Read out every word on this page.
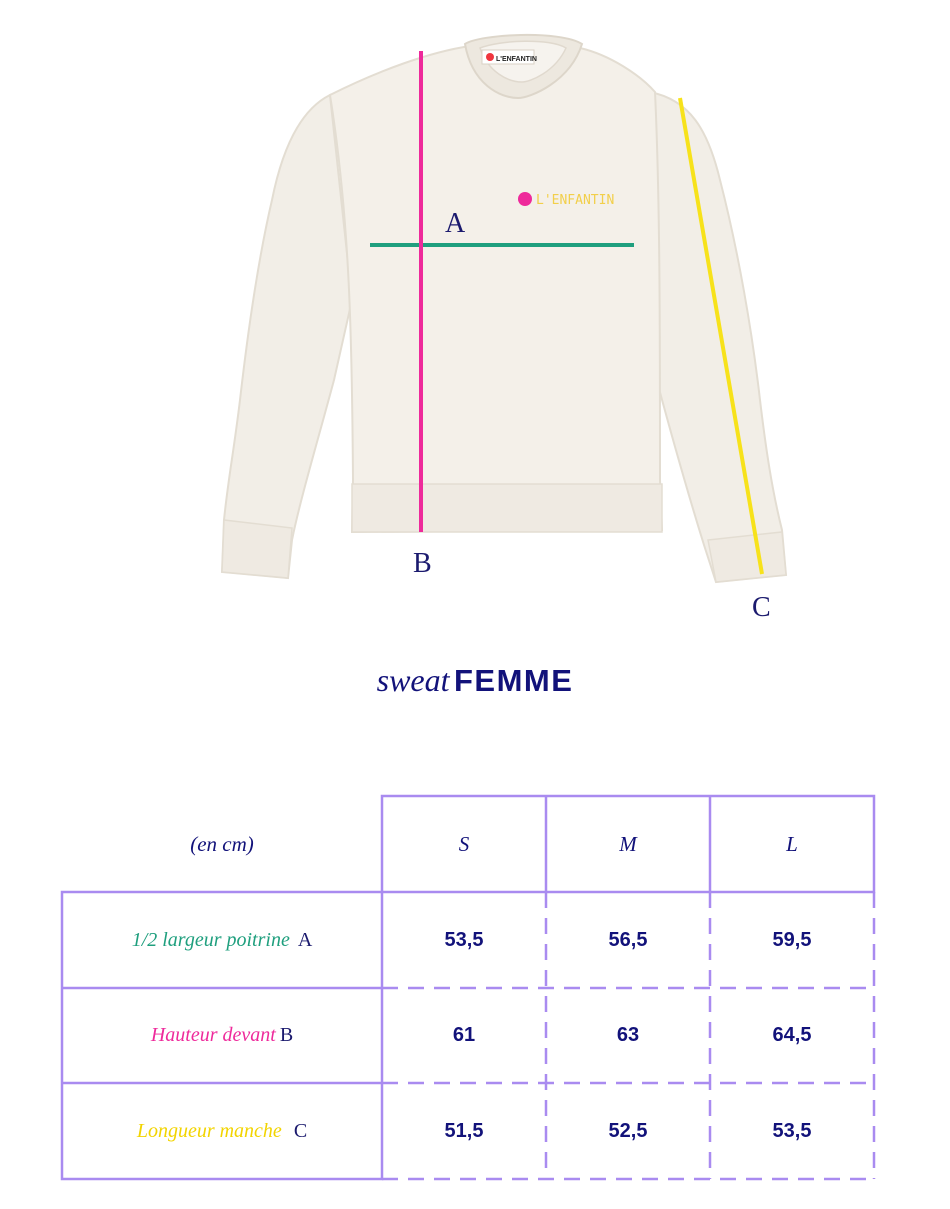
L'ENFANTIN
L'ENFANTIN
A
B
C
sweat FEMME
(en cm)	S	M	L
1/2 largeur poitrine A	53,5	56,5	59,5
Hauteur devant B	61	63	64,5
Longueur manche C	51,5	52,5	53,5
